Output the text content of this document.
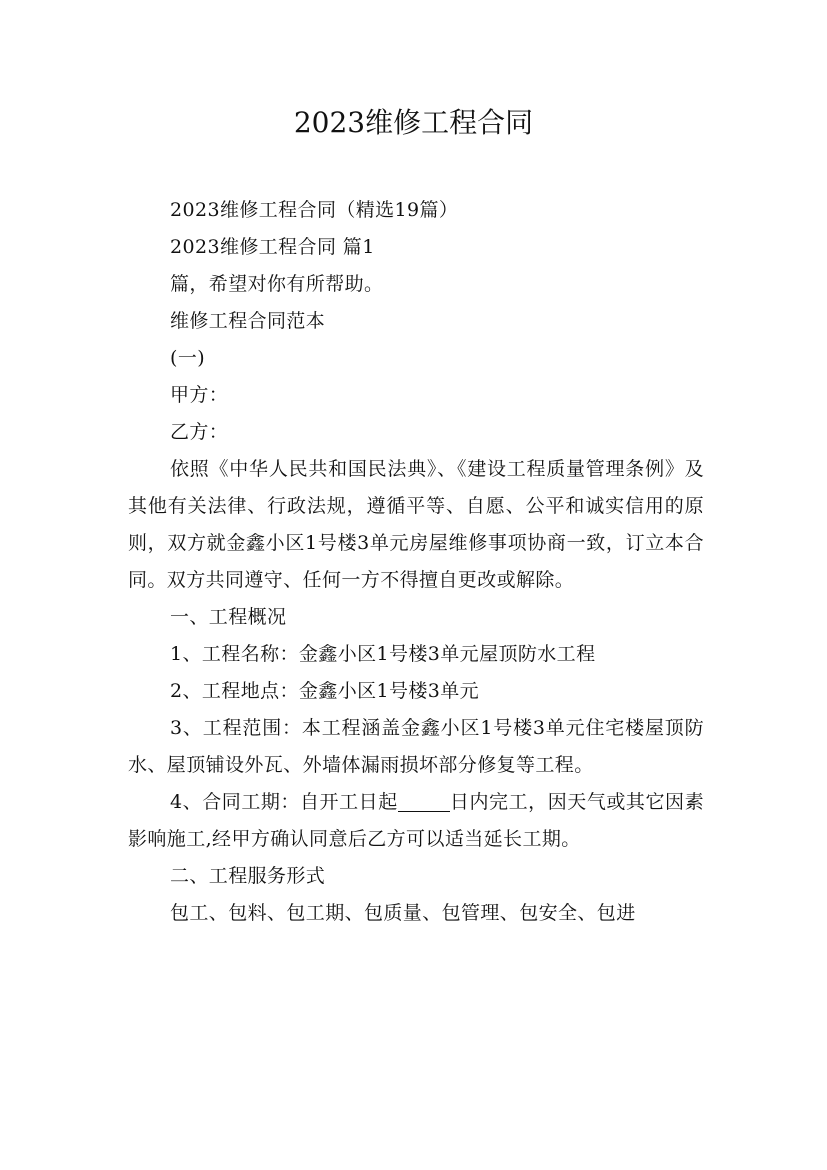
2023维修工程合同

2023维修工程合同（精选19篇）

2023维修工程合同 篇1

篇，希望对你有所帮助。

维修工程合同范本

(一)

甲方：

乙方：

依照《中华人民共和国民法典》、《建设工程质量管理条例》及其他有关法律、行政法规，遵循平等、自愿、公平和诚实信用的原则，双方就金鑫小区1号楼3单元房屋维修事项协商一致，订立本合同。双方共同遵守、任何一方不得擅自更改或解除。

一、工程概况

1、工程名称：金鑫小区1号楼3单元屋顶防水工程

2、工程地点：金鑫小区1号楼3单元

3、工程范围：本工程涵盖金鑫小区1号楼3单元住宅楼屋顶防水、屋顶铺设外瓦、外墙体漏雨损坏部分修复等工程。

4、合同工期：自开工日起	日内完工，因天气或其它因素影响施工,经甲方确认同意后乙方可以适当延长工期。

二、工程服务形式

包工、包料、包工期、包质量、包管理、包安全、包进
